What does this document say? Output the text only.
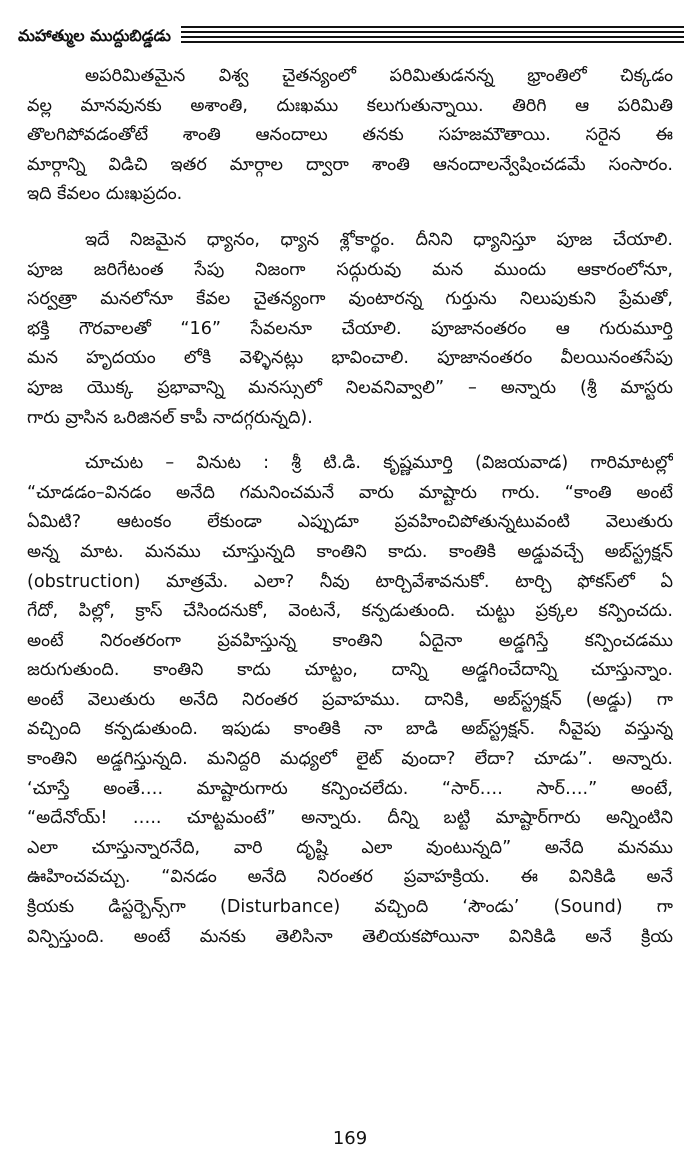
మహాత్ముల ముద్దుబిడ్డడు
అపరిమితమైన విశ్వ చైతన్యంలో పరిమితుడనన్న భ్రాంతిలో చిక్కడం
వల్ల మానవునకు అశాంతి, దుఃఖము కలుగుతున్నాయి. తిరిగి ఆ పరిమితి
తొలగిపోవడంతోటే శాంతి ఆనందాలు తనకు సహజమౌతాయి. సరైన ఈ
మార్గాన్ని విడిచి ఇతర మార్గాల ద్వారా శాంతి ఆనందాలన్వేషించడమే సంసారం.
ఇది కేవలం దుఃఖప్రదం.
ఇదే నిజమైన ధ్యానం, ధ్యాన శ్లోకార్థం. దీనిని ధ్యానిస్తూ పూజ చేయాలి.
పూజ జరిగేటంత సేపు నిజంగా సద్గురువు మన ముందు ఆకారంలోనూ,
సర్వత్రా మనలోనూ కేవల చైతన్యంగా వుంటారన్న గుర్తును నిలుపుకుని ప్రేమతో,
భక్తి గౌరవాలతో “16” సేవలనూ చేయాలి. పూజానంతరం ఆ గురుమూర్తి
మన హృదయం లోకి వెళ్ళినట్లు భావించాలి. పూజానంతరం వీలయినంతసేపు
పూజ యొక్క ప్రభావాన్ని మనస్సులో నిలవనివ్వాలి” – అన్నారు (శ్రీ మాస్టరు
గారు వ్రాసిన ఒరిజినల్ కాపీ నాదగ్గరున్నది).
చూచుట – వినుట : శ్రీ టి.డి. కృష్ణమూర్తి (విజయవాడ) గారిమాటల్లో
“చూడడం–వినడం అనేది గమనించమనే వారు మాష్టారు గారు. “కాంతి అంటే
ఏమిటి? ఆటంకం లేకుండా ఎప్పుడూ ప్రవహించిపోతున్నటువంటి వెలుతురు
అన్న మాట. మనము చూస్తున్నది కాంతిని కాదు. కాంతికి అడ్డువచ్చే అబ్‌స్ట్రక్షన్
(obstruction) మాత్రమే. ఎలా? నీవు టార్చివేశావనుకో. టార్చి ఫోకస్‌లో ఏ
గేదో, పిల్లో, క్రాస్ చేసిందనుకో, వెంటనే, కన్పడుతుంది. చుట్టు ప్రక్కల కన్పించదు.
అంటే నిరంతరంగా ప్రవహిస్తున్న కాంతిని ఏదైనా అడ్డగిస్తే కన్పించడము
జరుగుతుంది. కాంతిని కాదు చూట్టం, దాన్ని అడ్డగించేదాన్ని చూస్తున్నాం.
అంటే వెలుతురు అనేది నిరంతర ప్రవాహము. దానికి, అబ్‌స్ట్రక్షన్ (అడ్డు) గా
వచ్చింది కన్పడుతుంది. ఇపుడు కాంతికి నా బాడి అబ్‌స్ట్రక్షన్. నీవైపు వస్తున్న
కాంతిని అడ్డగిస్తున్నది. మనిద్దరి మధ్యలో లైట్ వుందా? లేదా? చూడు”. అన్నారు.
‘చూస్తే అంతే…. మాష్టారుగారు కన్పించలేదు. “సార్…. సార్….” అంటే,
“అదేనోయ్! ….. చూట్టమంటే” అన్నారు. దీన్ని బట్టి మాష్టార్‌గారు అన్నింటిని
ఎలా చూస్తున్నారనేది, వారి దృష్టి ఎలా వుంటున్నది” అనేది మనము
ఊహించవచ్చు. “వినడం అనేది నిరంతర ప్రవాహక్రియ. ఈ వినికిడి అనే
క్రియకు డిస్టర్బెన్స్‌గా (Disturbance) వచ్చింది ‘సౌండు’ (Sound) గా
విన్పిస్తుంది. అంటే మనకు తెలిసినా తెలియకపోయినా వినికిడి అనే క్రియ
169
